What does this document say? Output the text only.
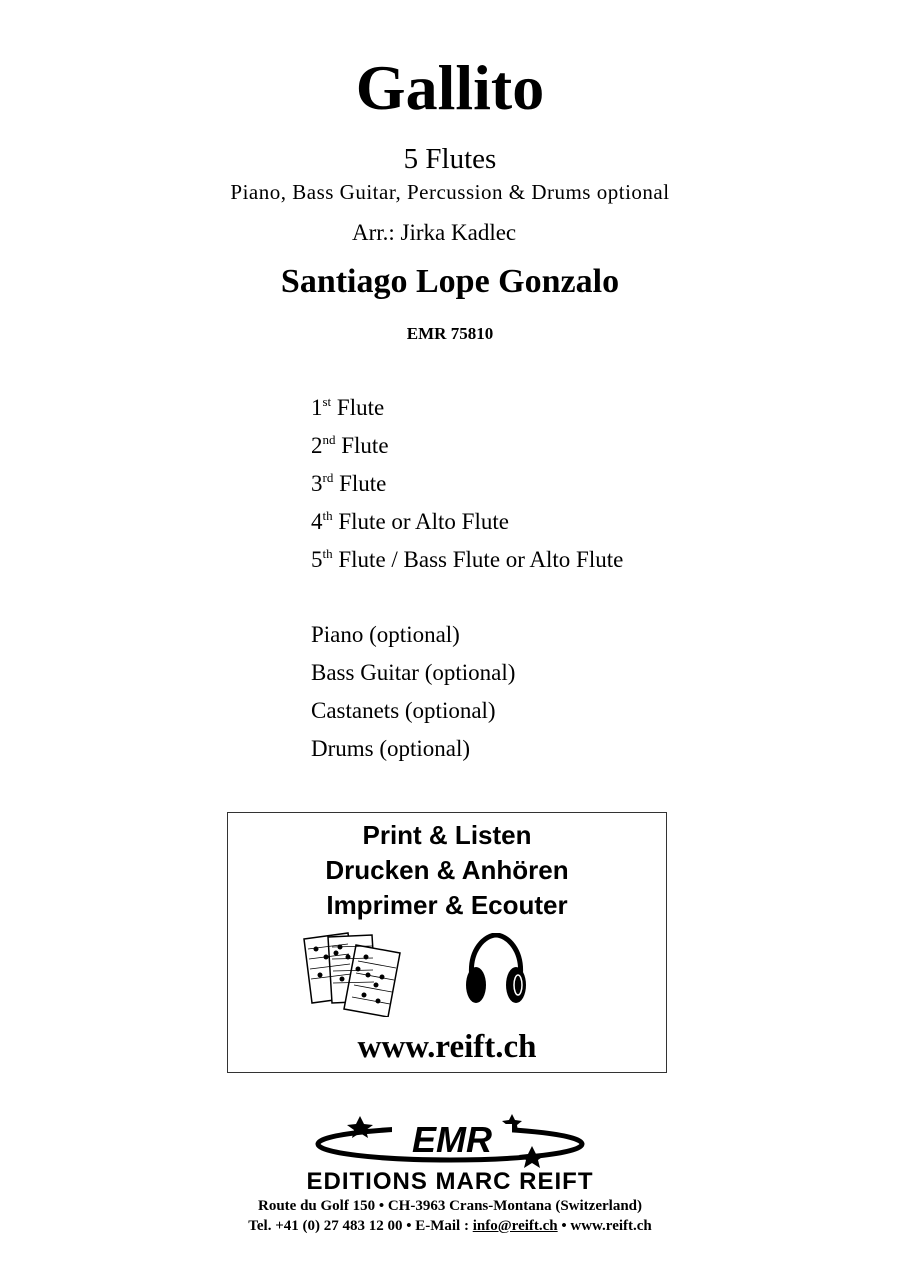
Gallito
5 Flutes
Piano, Bass Guitar, Percussion & Drums optional
Arr.: Jirka Kadlec
Santiago Lope Gonzalo
EMR 75810
1st Flute
2nd Flute
3rd Flute
4th Flute or Alto Flute
5th Flute / Bass Flute or Alto Flute
Piano (optional)
Bass Guitar (optional)
Castanets (optional)
Drums (optional)
Print & Listen
Drucken & Anhören
Imprimer & Ecouter
www.reift.ch
EMR
EDITIONS MARC REIFT
Route du Golf 150 • CH-3963 Crans-Montana (Switzerland)
Tel. +41 (0) 27 483 12 00 • E-Mail : info@reift.ch • www.reift.ch
